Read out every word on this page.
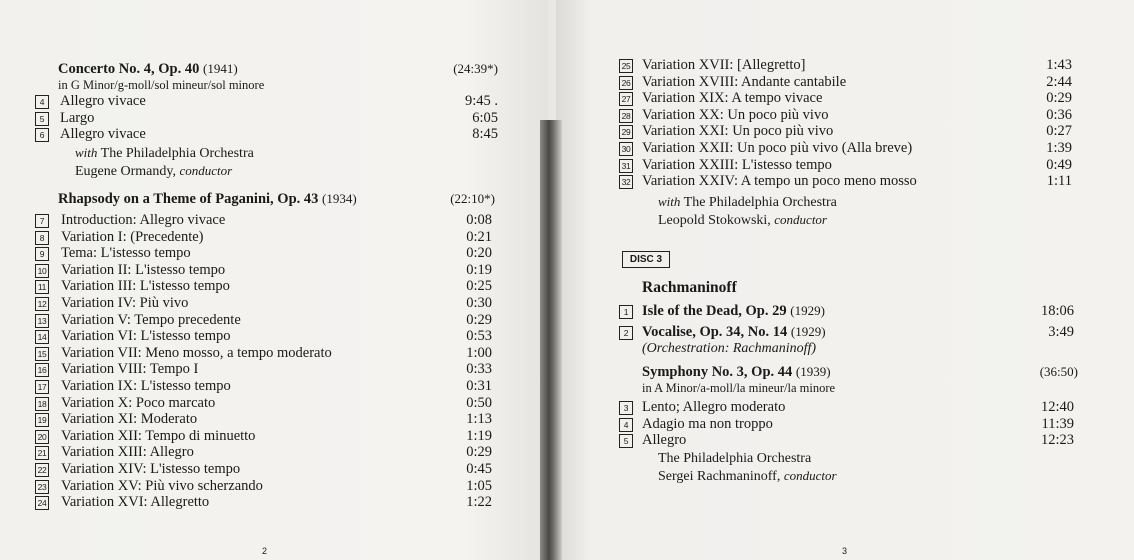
Concerto No. 4, Op. 40 (1941)	(24:39*)
in G Minor/g-moll/sol mineur/sol minore
4	Allegro vivace	9:45 .
5	Largo	6:05
6	Allegro vivace	8:45
with The Philadelphia Orchestra
Eugene Ormandy, conductor
Rhapsody on a Theme of Paganini, Op. 43 (1934)	(22:10*)
7	Introduction: Allegro vivace	0:08
8	Variation I: (Precedente)	0:21
9	Tema: L'istesso tempo	0:20
10 Variation II: L'istesso tempo	0:19
11 Variation III: L'istesso tempo	0:25
12 Variation IV: Più vivo	0:30
13 Variation V: Tempo precedente	0:29
14 Variation VI: L'istesso tempo	0:53
15 Variation VII: Meno mosso, a tempo moderato	1:00
16 Variation VIII: Tempo I	0:33
17 Variation IX: L'istesso tempo	0:31
18 Variation X: Poco marcato	0:50
19 Variation XI: Moderato	1:13
20 Variation XII: Tempo di minuetto	1:19
21 Variation XIII: Allegro	0:29
22 Variation XIV: L'istesso tempo	0:45
23 Variation XV: Più vivo scherzando	1:05
24 Variation XVI: Allegretto	1:22
2
25 Variation XVII: [Allegretto]	1:43
26 Variation XVIII: Andante cantabile	2:44
27 Variation XIX: A tempo vivace	0:29
28 Variation XX: Un poco più vivo	0:36
29 Variation XXI: Un poco più vivo	0:27
30 Variation XXII: Un poco più vivo (Alla breve)	1:39
31 Variation XXIII: L'istesso tempo	0:49
32 Variation XXIV: A tempo un poco meno mosso	1:11
with The Philadelphia Orchestra
Leopold Stokowski, conductor
DISC 3
Rachmaninoff
1 Isle of the Dead, Op. 29 (1929)	18:06
2 Vocalise, Op. 34, No. 14 (1929)	3:49
(Orchestration: Rachmaninoff)
Symphony No. 3, Op. 44 (1939)	(36:50)
in A Minor/a-moll/la mineur/la minore
3 Lento; Allegro moderato	12:40
4 Adagio ma non troppo	11:39
5 Allegro	12:23
The Philadelphia Orchestra
Sergei Rachmaninoff, conductor
3
